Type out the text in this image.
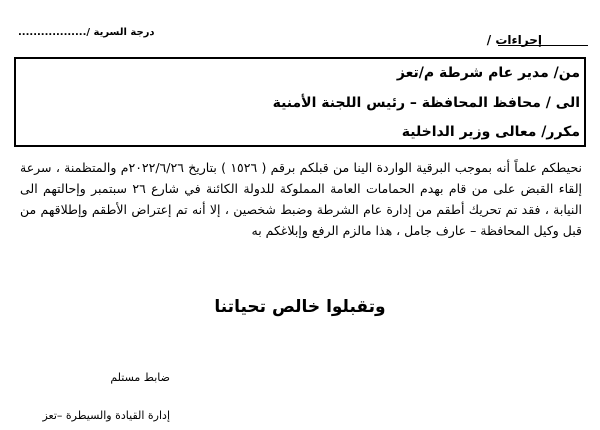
إجراءات /
درجة السرية /..................
من/ مدير عام شرطة م/تعز
الى / محافظ المحافظة – رئيس اللجنة الأمنية
مكرر/ معالى وزير الداخلية
نحيطكم علماً أنه بموجب البرقية الواردة الينا من قبلكم برقم ( ١٥٢٦ ) بتاريخ ٢٠٢٢/٦/٢٦م والمتظمنة ، سرعة إلقاء القبض على من قام بهدم الحمامات العامة المملوكة للدولة الكائنة في شارع ٢٦ سبتمبر وإحالتهم الى النيابة ، فقد تم تحريك أطقم من إدارة عام الشرطة وضبط شخصين ، إلا أنه تم إعتراض الأطقم وإطلاقهم من قبل وكيل المحافظة – عارف جامل ، هذا مالزم الرفع وإبلاغكم به
وتقبلوا خالص تحياتنا
ضابط مستلم
إدارة القيادة والسيطرة –تعز
